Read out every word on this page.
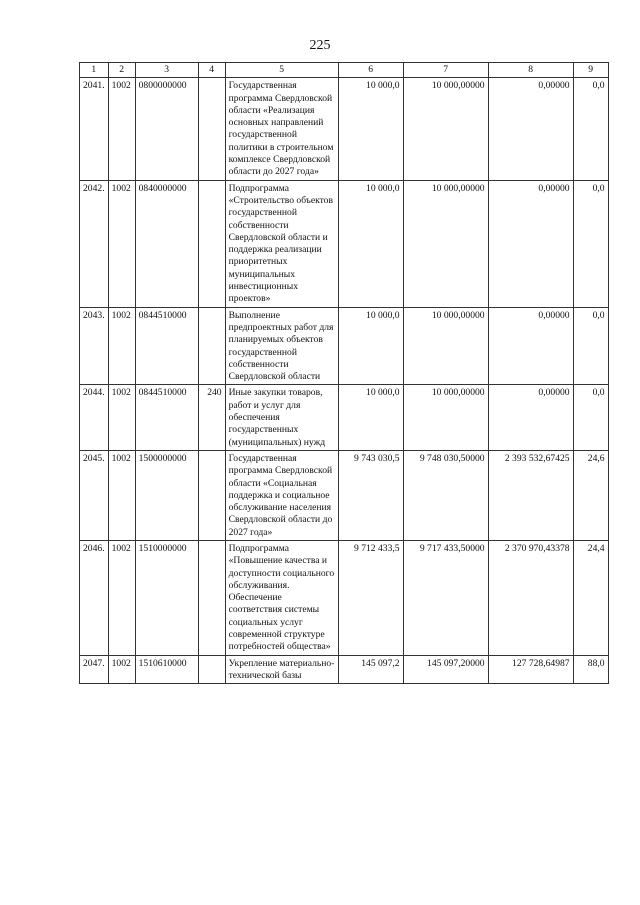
225
1	2	3	4	5	6	7	8	9
2041.	1002	0800000000		Государственная программа Свердловской области «Реализация основных направлений государственной политики в строительном комплексе Свердловской области до 2027 года»	10 000,0	10 000,00000	0,00000	0,0
2042.	1002	0840000000		Подпрограмма «Строительство объектов государственной собственности Свердловской области и поддержка реализации приоритетных муниципальных инвестиционных проектов»	10 000,0	10 000,00000	0,00000	0,0
2043.	1002	0844510000		Выполнение предпроектных работ для планируемых объектов государственной собственности Свердловской области	10 000,0	10 000,00000	0,00000	0,0
2044.	1002	0844510000	240	Иные закупки товаров, работ и услуг для обеспечения государственных (муниципальных) нужд	10 000,0	10 000,00000	0,00000	0,0
2045.	1002	1500000000		Государственная программа Свердловской области «Социальная поддержка и социальное обслуживание населения Свердловской области до 2027 года»	9 743 030,5	9 748 030,50000	2 393 532,67425	24,6
2046.	1002	1510000000		Подпрограмма «Повышение качества и доступности социального обслуживания. Обеспечение соответствия системы социальных услуг современной структуре потребностей общества»	9 712 433,5	9 717 433,50000	2 370 970,43378	24,4
2047.	1002	1510610000		Укрепление материально-технической базы	145 097,2	145 097,20000	127 728,64987	88,0
